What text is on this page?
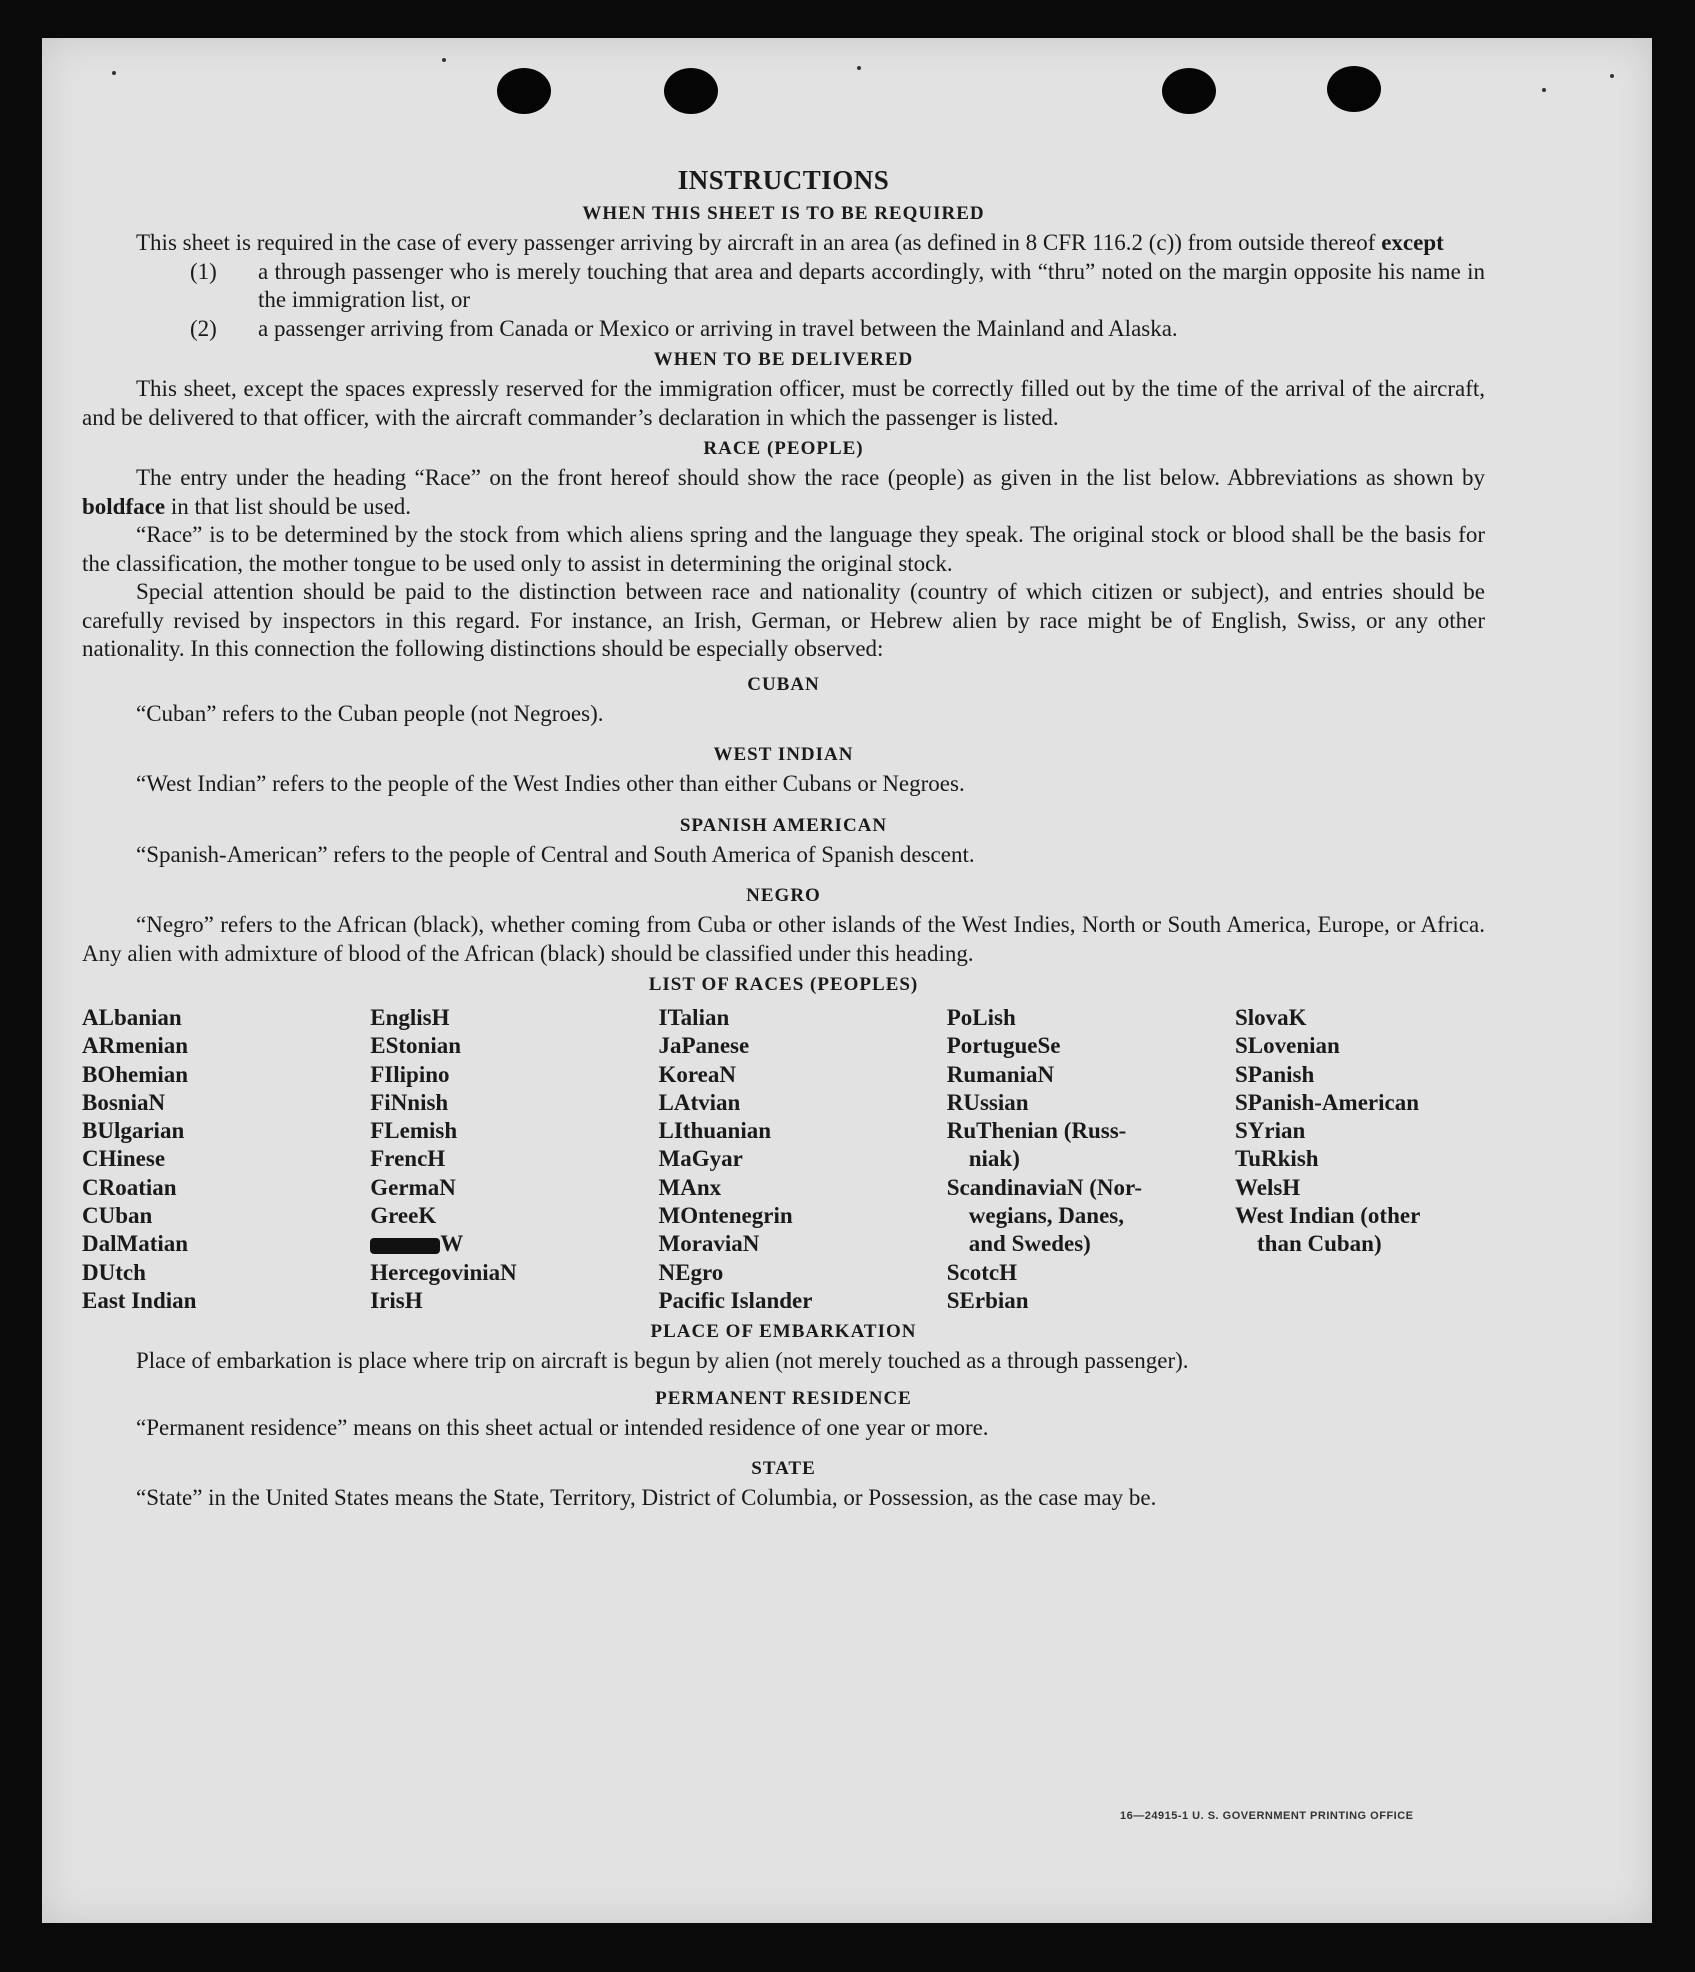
INSTRUCTIONS
WHEN THIS SHEET IS TO BE REQUIRED

This sheet is required in the case of every passenger arriving by aircraft in an area (as defined in 8 CFR 116.2 (c)) from outside thereof except

(1)	a through passenger who is merely touching that area and departs accordingly, with “thru” noted on the margin opposite his name in the immigration list, or
(2)	a passenger arriving from Canada or Mexico or arriving in travel between the Mainland and Alaska.
WHEN TO BE DELIVERED

This sheet, except the spaces expressly reserved for the immigration officer, must be correctly filled out by the time of the arrival of the aircraft, and be delivered to that officer, with the aircraft commander’s declaration in which the passenger is listed.

RACE (PEOPLE)

The entry under the heading “Race” on the front hereof should show the race (people) as given in the list below. Abbreviations as shown by boldface in that list should be used.

“Race” is to be determined by the stock from which aliens spring and the language they speak. The original stock or blood shall be the basis for the classification, the mother tongue to be used only to assist in determining the original stock.

Special attention should be paid to the distinction between race and nationality (country of which citizen or subject), and entries should be carefully revised by inspectors in this regard. For instance, an Irish, German, or Hebrew alien by race might be of English, Swiss, or any other nationality. In this connection the following distinctions should be especially observed:

CUBAN

“Cuban” refers to the Cuban people (not Negroes).

WEST INDIAN

“West Indian” refers to the people of the West Indies other than either Cubans or Negroes.

SPANISH AMERICAN

“Spanish-American” refers to the people of Central and South America of Spanish descent.

NEGRO

“Negro” refers to the African (black), whether coming from Cuba or other islands of the West Indies, North or South America, Europe, or Africa. Any alien with admixture of blood of the African (black) should be classified under this heading.

LIST OF RACES (PEOPLES)
ALbanian
ARmenian
BOhemian
BosniaN
BUlgarian
CHinese
CRoatian
CUban
DalMatian
DUtch
East Indian
EnglisH
EStonian
FIlipino
FiNnish
FLemish
FrencH
GermaN
GreeK
W
HercegoviniaN
IrisH
ITalian
JaPanese
KoreaN
LAtvian
LIthuanian
MaGyar
MAnx
MOntenegrin
MoraviaN
NEgro
Pacific Islander
PoLish
PortugueSe
RumaniaN
RUssian
RuThenian (Russ-
niak)
ScandinaviaN (Nor-
wegians, Danes,
and Swedes)
ScotcH
SErbian
SlovaK
SLovenian
SPanish
SPanish-American
SYrian
TuRkish
WelsH
West Indian (other
than Cuban)
PLACE OF EMBARKATION

Place of embarkation is place where trip on aircraft is begun by alien (not merely touched as a through passenger).

PERMANENT RESIDENCE

“Permanent residence” means on this sheet actual or intended residence of one year or more.

STATE

“State” in the United States means the State, Territory, District of Columbia, or Possession, as the case may be.

16—24915-1 U. S. GOVERNMENT PRINTING OFFICE
